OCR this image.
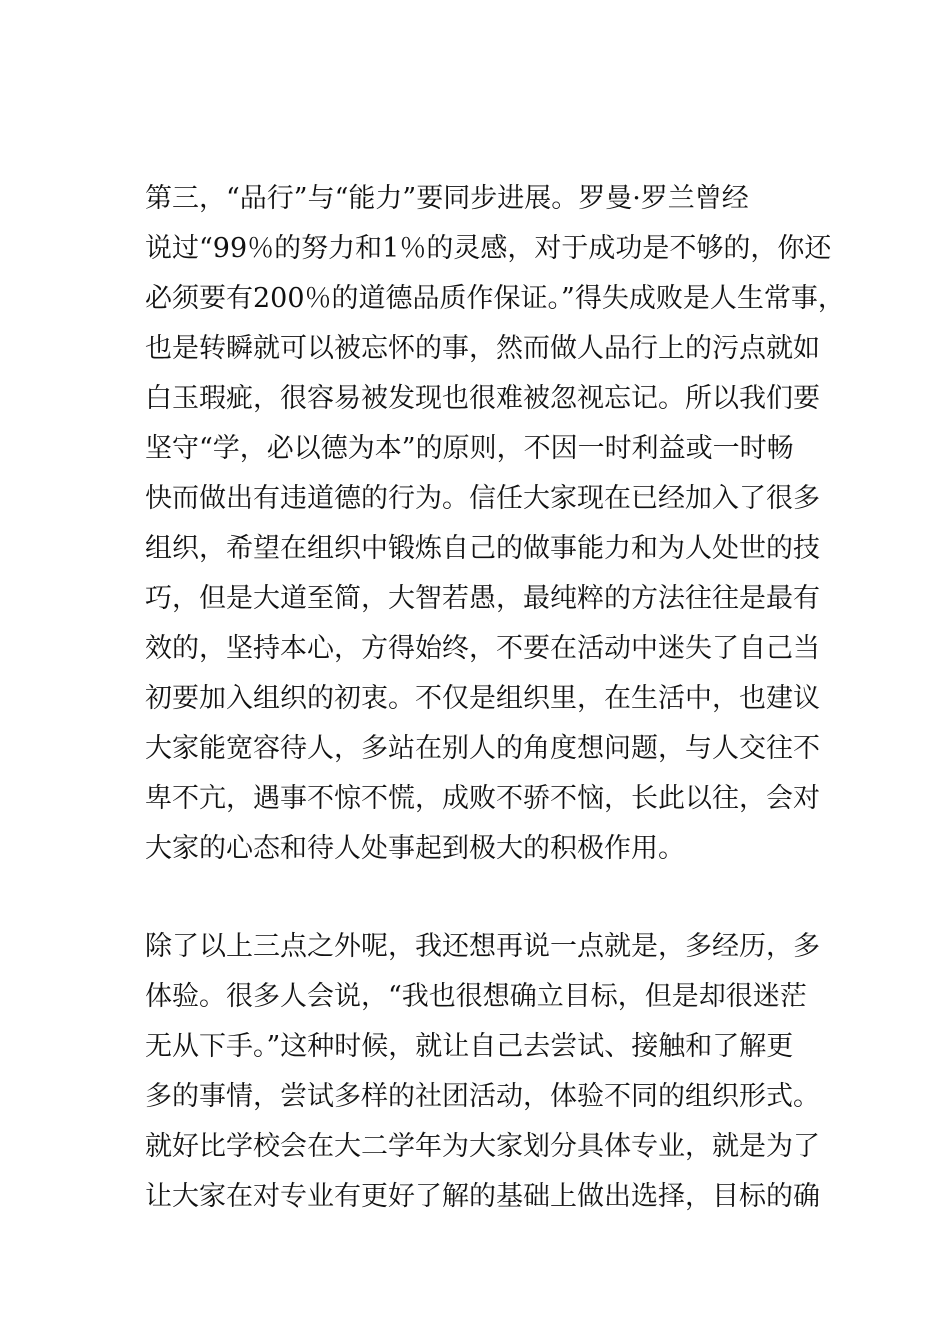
第三，“品行”与“能力”要同步进展。罗曼·罗兰曾经
说过“99％的努力和1％的灵感，对于成功是不够的，你还
必须要有200％的道德品质作保证。”得失成败是人生常事，
也是转瞬就可以被忘怀的事，然而做人品行上的污点就如
白玉瑕疵，很容易被发现也很难被忽视忘记。所以我们要
坚守“学，必以德为本”的原则，不因一时利益或一时畅
快而做出有违道德的行为。信任大家现在已经加入了很多
组织，希望在组织中锻炼自己的做事能力和为人处世的技
巧，但是大道至简，大智若愚，最纯粹的方法往往是最有
效的，坚持本心，方得始终，不要在活动中迷失了自己当
初要加入组织的初衷。不仅是组织里，在生活中，也建议
大家能宽容待人，多站在别人的角度想问题，与人交往不
卑不亢，遇事不惊不慌，成败不骄不恼，长此以往，会对
大家的心态和待人处事起到极大的积极作用。
除了以上三点之外呢，我还想再说一点就是，多经历，多
体验。很多人会说，“我也很想确立目标，但是却很迷茫
无从下手。”这种时候，就让自己去尝试、接触和了解更
多的事情，尝试多样的社团活动，体验不同的组织形式。
就好比学校会在大二学年为大家划分具体专业，就是为了
让大家在对专业有更好了解的基础上做出选择，目标的确
